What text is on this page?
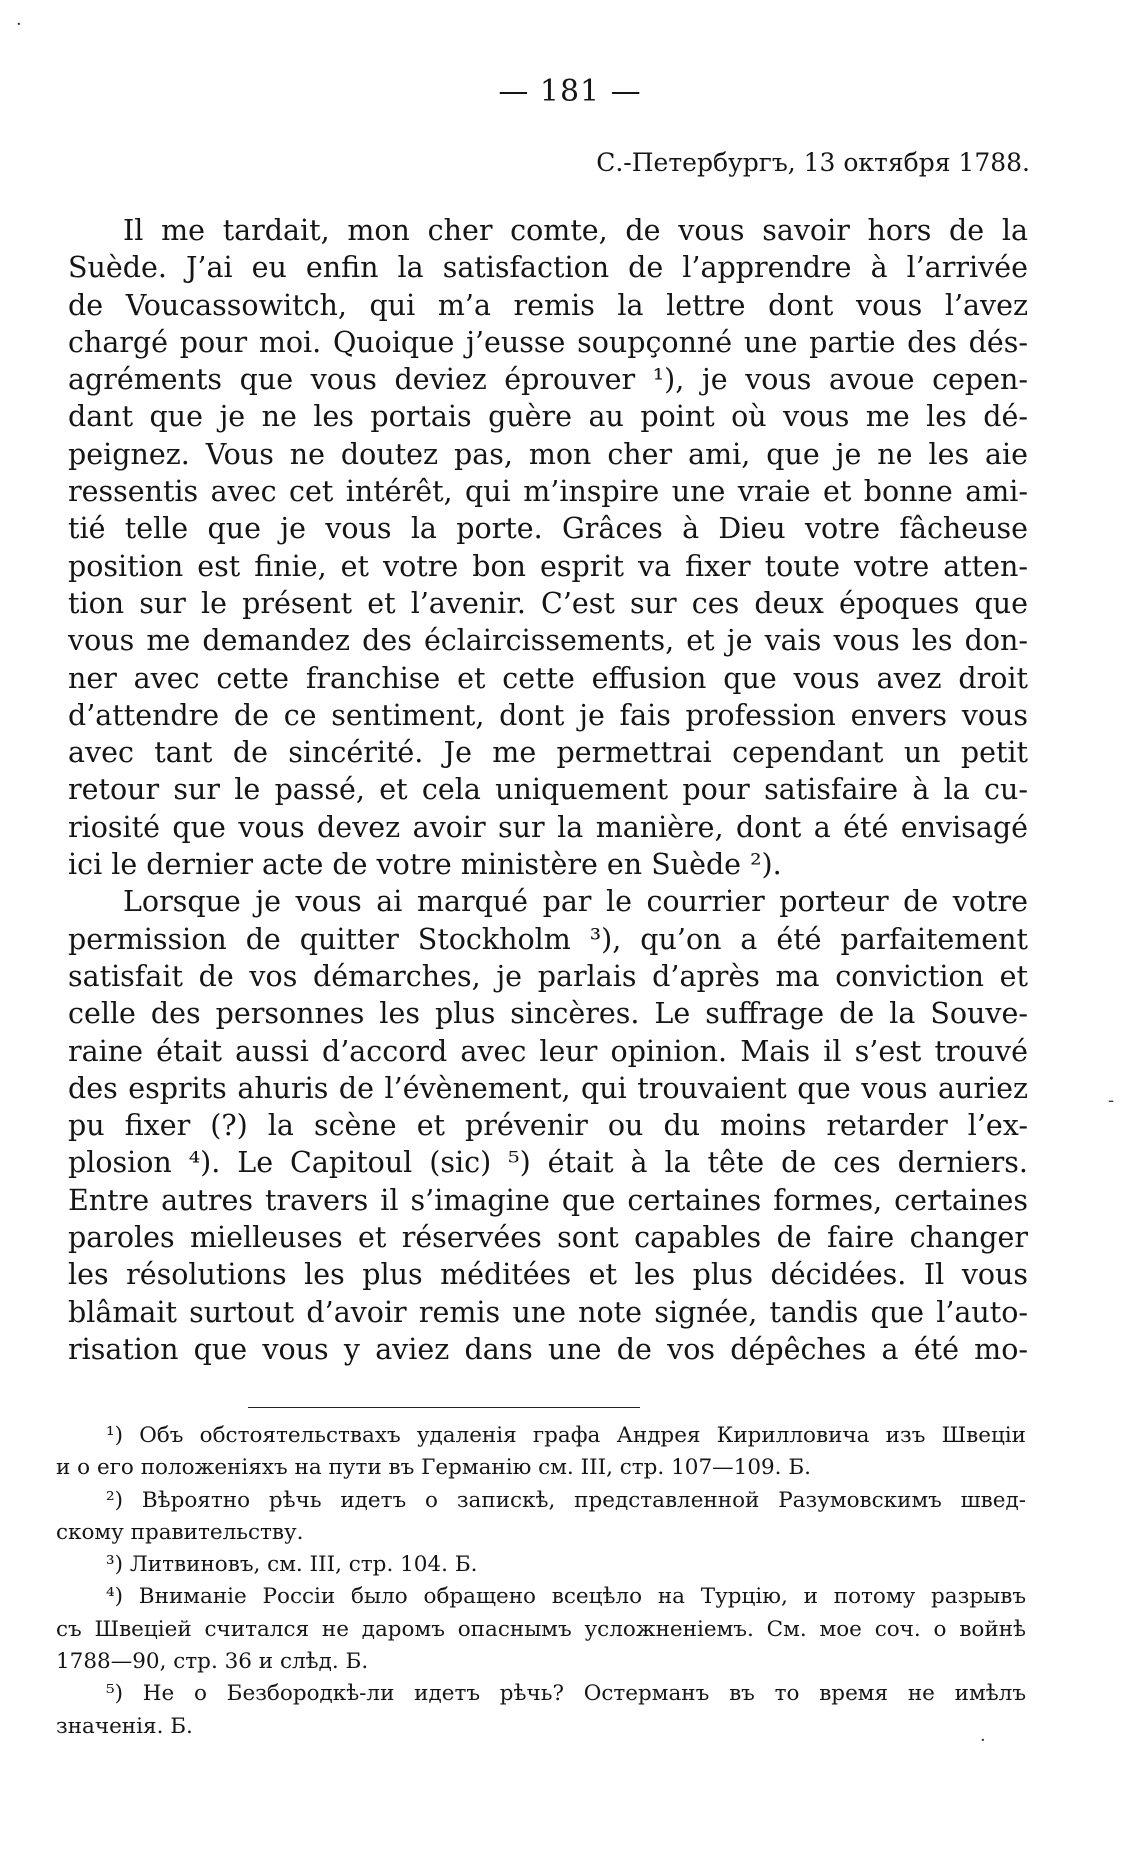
— 181 —
С.-Петербургъ, 13 октября 1788.
Il me tardait, mon cher comte, de vous savoir hors de la
Suède. J’ai eu enfin la satisfaction de l’apprendre à l’arrivée
de Voucassowitch, qui m’a remis la lettre dont vous l’avez
chargé pour moi. Quoique j’eusse soupçonné une partie des dés-
agréments que vous deviez éprouver ¹), je vous avoue cepen-
dant que je ne les portais guère au point où vous me les dé-
peignez. Vous ne doutez pas, mon cher ami, que je ne les aie
ressentis avec cet intérêt, qui m’inspire une vraie et bonne ami-
tié telle que je vous la porte. Grâces à Dieu votre fâcheuse
position est finie, et votre bon esprit va fixer toute votre atten-
tion sur le présent et l’avenir. C’est sur ces deux époques que
vous me demandez des éclaircissements, et je vais vous les don-
ner avec cette franchise et cette effusion que vous avez droit
d’attendre de ce sentiment, dont je fais profession envers vous
avec tant de sincérité. Je me permettrai cependant un petit
retour sur le passé, et cela uniquement pour satisfaire à la cu-
riosité que vous devez avoir sur la manière, dont a été envisagé
ici le dernier acte de votre ministère en Suède ²).
Lorsque je vous ai marqué par le courrier porteur de votre
permission de quitter Stockholm ³), qu’on a été parfaitement
satisfait de vos démarches, je parlais d’après ma conviction et
celle des personnes les plus sincères. Le suffrage de la Souve-
raine était aussi d’accord avec leur opinion. Mais il s’est trouvé
des esprits ahuris de l’évènement, qui trouvaient que vous auriez
pu fixer (?) la scène et prévenir ou du moins retarder l’ex-
plosion ⁴). Le Capitoul (sic) ⁵) était à la tête de ces derniers.
Entre autres travers il s’imagine que certaines formes, certaines
paroles mielleuses et réservées sont capables de faire changer
les résolutions les plus méditées et les plus décidées. Il vous
blâmait surtout d’avoir remis une note signée, tandis que l’auto-
risation que vous y aviez dans une de vos dépêches a été mo-
¹) Объ обстоятельствахъ удаленія графа Андрея Кирилловича изъ Швеціи
и о его положеніяхъ на пути въ Германію см. III, стр. 107—109. Б.
²) Вѣроятно рѣчь идетъ о запискѣ, представленной Разумовскимъ швед-
скому правительству.
³) Литвиновъ, см. III, стр. 104. Б.
⁴) Вниманіе Россіи было обращено всецѣло на Турцію, и потому разрывъ
съ Швеціей считался не даромъ опаснымъ усложненіемъ. См. мое соч. о войнѣ
1788—90, стр. 36 и слѣд. Б.
⁵) Не о Безбородкѣ-ли идетъ рѣчь? Остерманъ въ то время не имѣлъ
значенія. Б.
·
-
·
